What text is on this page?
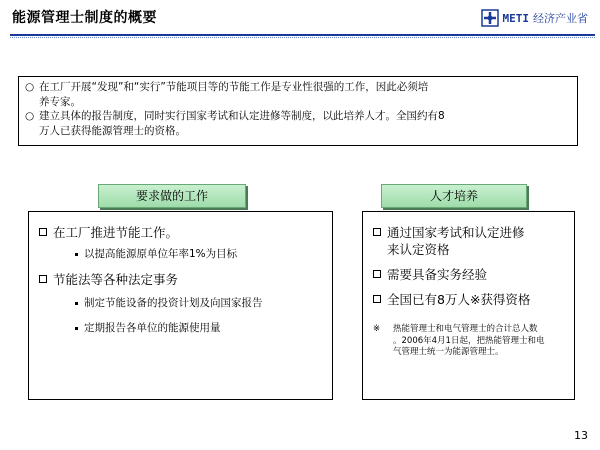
能源管理士制度的概要	METI 经济产业省
○ 在工厂开展“发现”和“实行”节能项目等的节能工作是专业性很强的工作，因此必须培
养专家。
○ 建立具体的报告制度，同时实行国家考试和认定进修等制度，以此培养人才。全国约有8
万人已获得能源管理士的资格。
要求做的工作	人才培养
在工厂推进节能工作。
以提高能源原单位年率1%为目标
节能法等各种法定事务
制定节能设备的投资计划及向国家报告
定期报告各单位的能源使用量
通过国家考试和认定进修
来认定资格
需要具备实务经验
全国已有8万人※获得资格
※	热能管理士和电气管理士的合计总人数
。2006年4月1日起，把热能管理士和电
气管理士统一为能源管理士。
13
